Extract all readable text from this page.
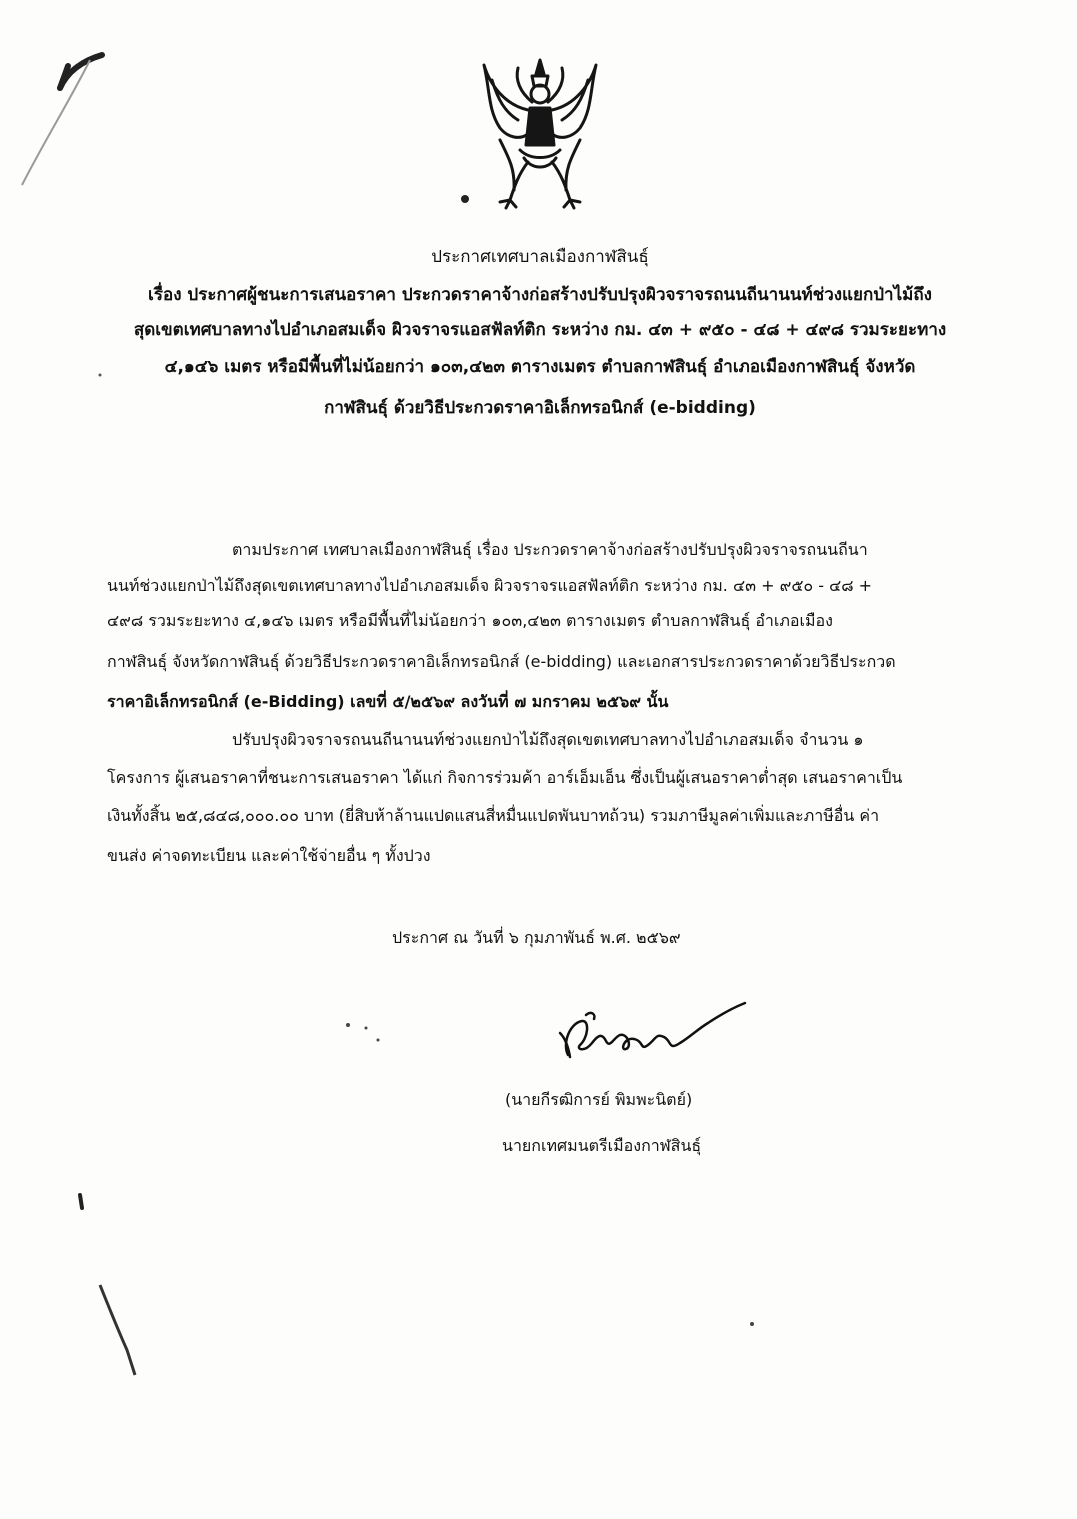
ประกาศเทศบาลเมืองกาฬสินธุ์
เรื่อง ประกาศผู้ชนะการเสนอราคา ประกวดราคาจ้างก่อสร้างปรับปรุงผิวจราจรถนนถีนานนท์ช่วงแยกป่าไม้ถึง
สุดเขตเทศบาลทางไปอำเภอสมเด็จ ผิวจราจรแอสฟัลท์ติก ระหว่าง กม. ๔๓ + ๙๕๐ - ๔๘ + ๔๙๘ รวมระยะทาง
๔,๑๔๖ เมตร หรือมีพื้นที่ไม่น้อยกว่า ๑๐๓,๔๒๓ ตารางเมตร ตำบลกาฬสินธุ์ อำเภอเมืองกาฬสินธุ์ จังหวัด
กาฬสินธุ์ ด้วยวิธีประกวดราคาอิเล็กทรอนิกส์ (e-bidding)
ตามประกาศ เทศบาลเมืองกาฬสินธุ์ เรื่อง ประกวดราคาจ้างก่อสร้างปรับปรุงผิวจราจรถนนถีนา
นนท์ช่วงแยกป่าไม้ถึงสุดเขตเทศบาลทางไปอำเภอสมเด็จ ผิวจราจรแอสฟัลท์ติก ระหว่าง กม. ๔๓ + ๙๕๐ - ๔๘ +
๔๙๘ รวมระยะทาง ๔,๑๔๖ เมตร หรือมีพื้นที่ไม่น้อยกว่า ๑๐๓,๔๒๓ ตารางเมตร ตำบลกาฬสินธุ์ อำเภอเมือง
กาฬสินธุ์ จังหวัดกาฬสินธุ์ ด้วยวิธีประกวดราคาอิเล็กทรอนิกส์ (e-bidding) และเอกสารประกวดราคาด้วยวิธีประกวด
ราคาอิเล็กทรอนิกส์ (e-Bidding) เลขที่ ๕/๒๕๖๙ ลงวันที่ ๗ มกราคม ๒๕๖๙ นั้น
ปรับปรุงผิวจราจรถนนถีนานนท์ช่วงแยกป่าไม้ถึงสุดเขตเทศบาลทางไปอำเภอสมเด็จ จำนวน ๑
โครงการ ผู้เสนอราคาที่ชนะการเสนอราคา ได้แก่ กิจการร่วมค้า อาร์เอ็มเอ็น ซึ่งเป็นผู้เสนอราคาต่ำสุด เสนอราคาเป็น
เงินทั้งสิ้น ๒๕,๘๔๘,๐๐๐.๐๐ บาท (ยี่สิบห้าล้านแปดแสนสี่หมื่นแปดพันบาทถ้วน) รวมภาษีมูลค่าเพิ่มและภาษีอื่น ค่า
ขนส่ง ค่าจดทะเบียน และค่าใช้จ่ายอื่น ๆ ทั้งปวง
ประกาศ ณ วันที่ ๖ กุมภาพันธ์ พ.ศ. ๒๕๖๙
(นายกีรฒิการย์ พิมพะนิตย์)
นายกเทศมนตรีเมืองกาฬสินธุ์
